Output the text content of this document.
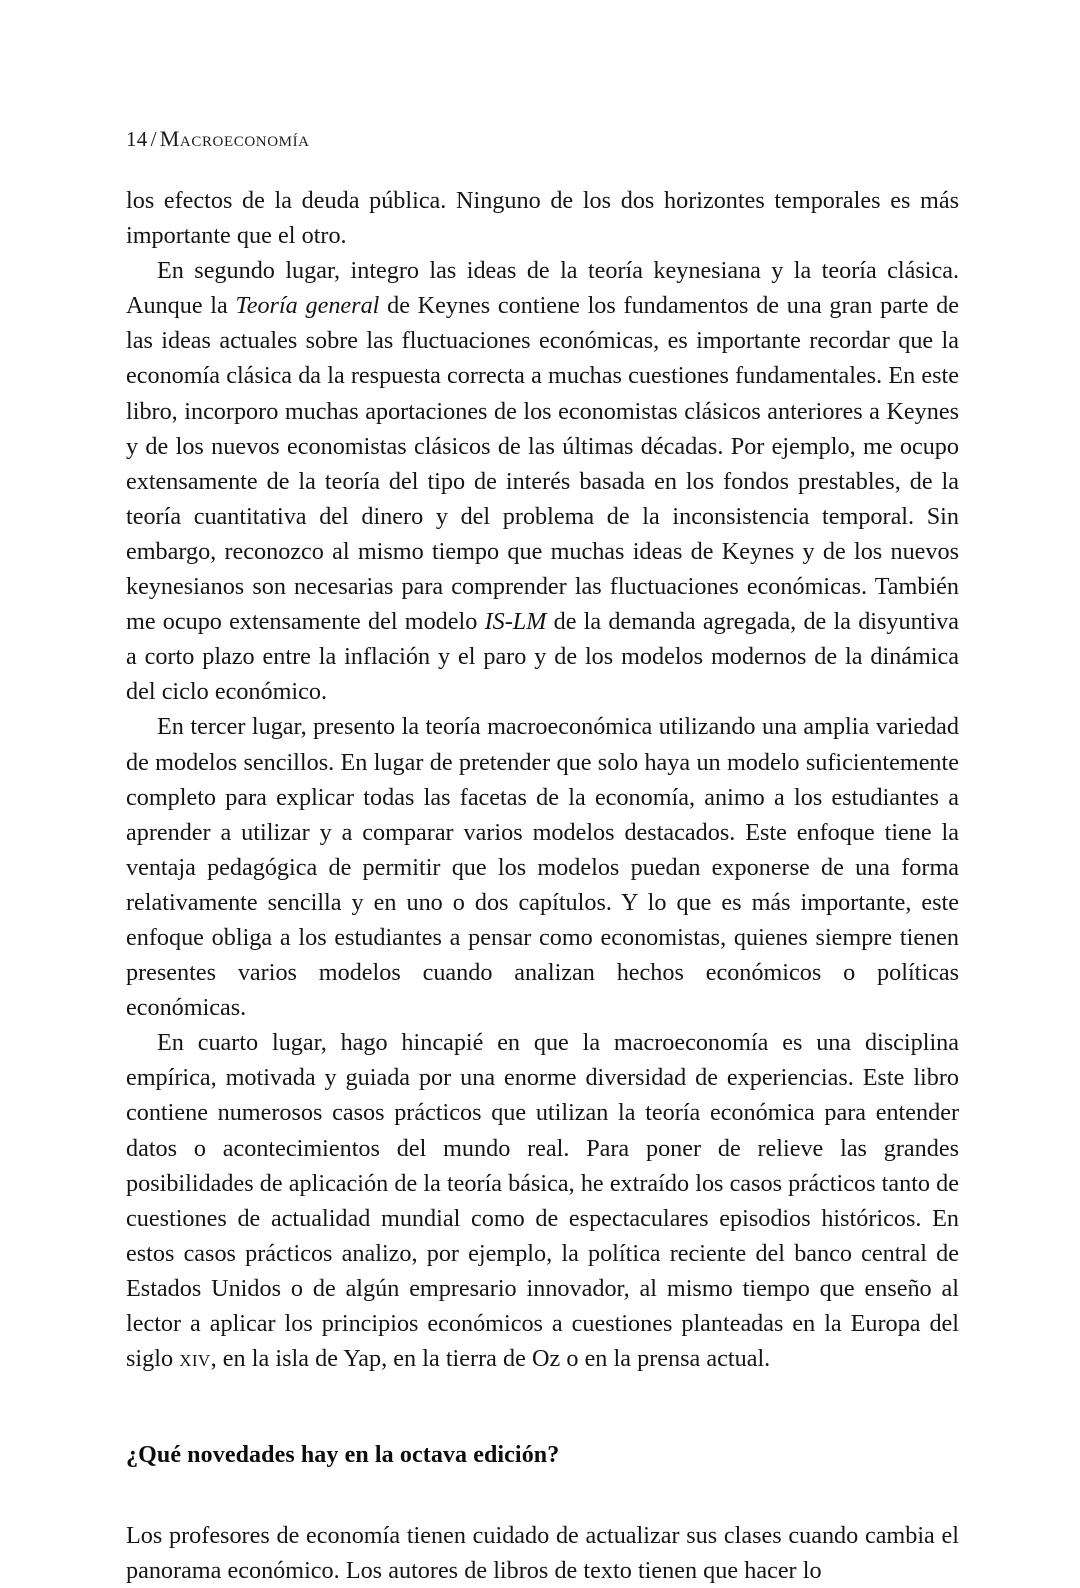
14 / Macroeconomía

los efectos de la deuda pública. Ninguno de los dos horizontes temporales es más importante que el otro.

En segundo lugar, integro las ideas de la teoría keynesiana y la teoría clásica. Aunque la Teoría general de Keynes contiene los fundamentos de una gran parte de las ideas actuales sobre las fluctuaciones económicas, es importante recordar que la economía clásica da la respuesta correcta a muchas cuestiones fundamentales. En este libro, incorporo muchas aportaciones de los economistas clásicos anteriores a Keynes y de los nuevos economistas clásicos de las últimas décadas. Por ejemplo, me ocupo extensamente de la teoría del tipo de interés basada en los fondos prestables, de la teoría cuantitativa del dinero y del problema de la inconsistencia temporal. Sin embargo, reconozco al mismo tiempo que muchas ideas de Keynes y de los nuevos keynesianos son necesarias para comprender las fluctuaciones económicas. También me ocupo extensamente del modelo IS-LM de la demanda agregada, de la disyuntiva a corto plazo entre la inflación y el paro y de los modelos modernos de la dinámica del ciclo económico.

En tercer lugar, presento la teoría macroeconómica utilizando una amplia variedad de modelos sencillos. En lugar de pretender que solo haya un modelo suficientemente completo para explicar todas las facetas de la economía, animo a los estudiantes a aprender a utilizar y a comparar varios modelos destacados. Este enfoque tiene la ventaja pedagógica de permitir que los modelos puedan exponerse de una forma relativamente sencilla y en uno o dos capítulos. Y lo que es más importante, este enfoque obliga a los estudiantes a pensar como economistas, quienes siempre tienen presentes varios modelos cuando analizan hechos económicos o políticas económicas.

En cuarto lugar, hago hincapié en que la macroeconomía es una disciplina empírica, motivada y guiada por una enorme diversidad de experiencias. Este libro contiene numerosos casos prácticos que utilizan la teoría económica para entender datos o acontecimientos del mundo real. Para poner de relieve las grandes posibilidades de aplicación de la teoría básica, he extraído los casos prácticos tanto de cuestiones de actualidad mundial como de espectaculares episodios históricos. En estos casos prácticos analizo, por ejemplo, la política reciente del banco central de Estados Unidos o de algún empresario innovador, al mismo tiempo que enseño al lector a aplicar los principios económicos a cuestiones planteadas en la Europa del siglo xiv, en la isla de Yap, en la tierra de Oz o en la prensa actual.

¿Qué novedades hay en la octava edición?

Los profesores de economía tienen cuidado de actualizar sus clases cuando cambia el panorama económico. Los autores de libros de texto tienen que hacer lo
